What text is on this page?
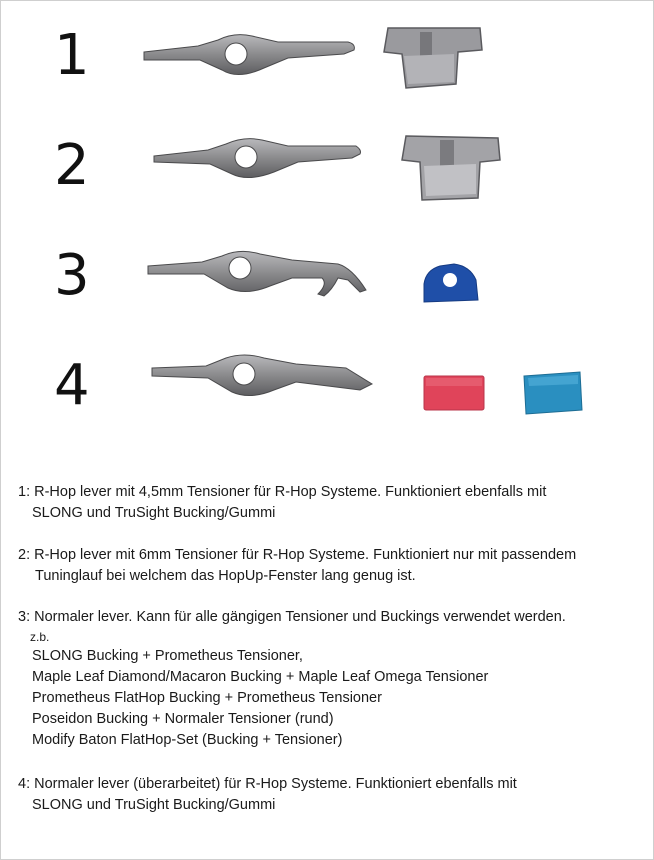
1
2
3
4
1: R-Hop lever mit 4,5mm Tensioner für R-Hop Systeme. Funktioniert ebenfalls mit
SLONG und TruSight Bucking/Gummi
2: R-Hop lever mit 6mm Tensioner für R-Hop Systeme. Funktioniert nur mit passendem
Tuninglauf bei welchem das HopUp-Fenster lang genug ist.
3: Normaler lever. Kann für alle gängigen Tensioner und Buckings verwendet werden.
z.b.
SLONG Bucking + Prometheus Tensioner,
Maple Leaf Diamond/Macaron Bucking + Maple Leaf Omega Tensioner
Prometheus FlatHop Bucking + Prometheus Tensioner
Poseidon Bucking + Normaler Tensioner (rund)
Modify Baton FlatHop-Set (Bucking + Tensioner)
4: Normaler lever (überarbeitet) für R-Hop Systeme. Funktioniert ebenfalls mit
SLONG und TruSight Bucking/Gummi
